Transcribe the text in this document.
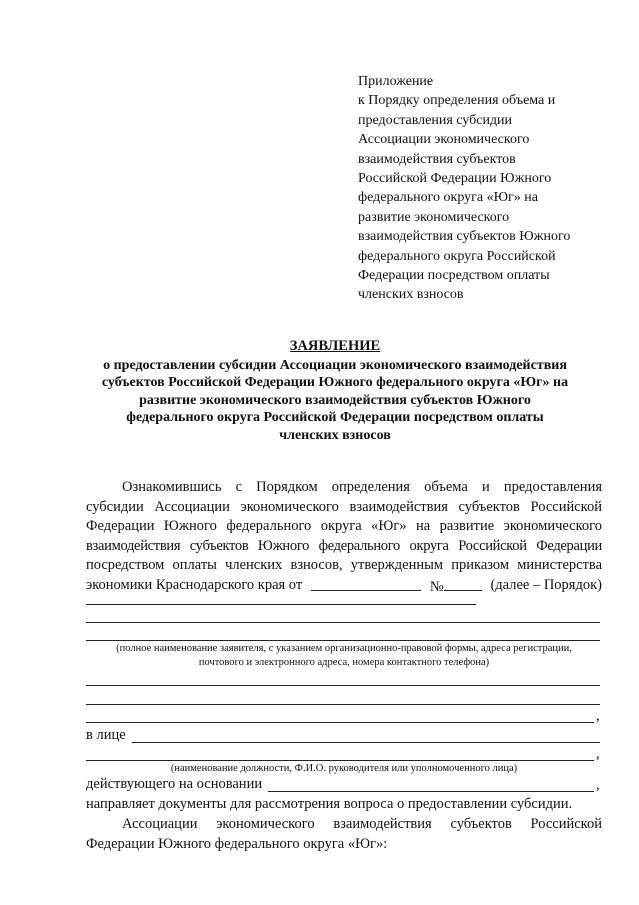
Приложение
к Порядку определения объема и
предоставления субсидии
Ассоциации экономического
взаимодействия субъектов
Российской Федерации Южного
федерального округа «Юг» на
развитие экономического
взаимодействия субъектов Южного
федерального округа Российской
Федерации посредством оплаты
членских взносов
ЗАЯВЛЕНИЕ
о предоставлении субсидии Ассоциации экономического взаимодействия
субъектов Российской Федерации Южного федерального округа «Юг» на
развитие экономического взаимодействия субъектов Южного
федерального округа Российской Федерации посредством оплаты
членских взносов
Ознакомившись с Порядком определения объема и предоставления
субсидии Ассоциации экономического взаимодействия субъектов Российской
Федерации Южного федерального округа «Юг» на развитие экономического
взаимодействия субъектов Южного федерального округа Российской Федерации
посредством оплаты членских взносов, утвержденным приказом министерства
экономики Краснодарского края от	№	(далее – Порядок)
(полное наименование заявителя, с указанием организационно-правовой формы, адреса регистрации,
почтового и электронного адреса, номера контактного телефона)
,
в лице
,
(наименование должности, Ф.И.О. руководителя или уполномоченного лица)
действующего на основании	,
направляет документы для рассмотрения вопроса о предоставлении субсидии.
Ассоциации экономического взаимодействия субъектов Российской
Федерации Южного федерального округа «Юг»:
